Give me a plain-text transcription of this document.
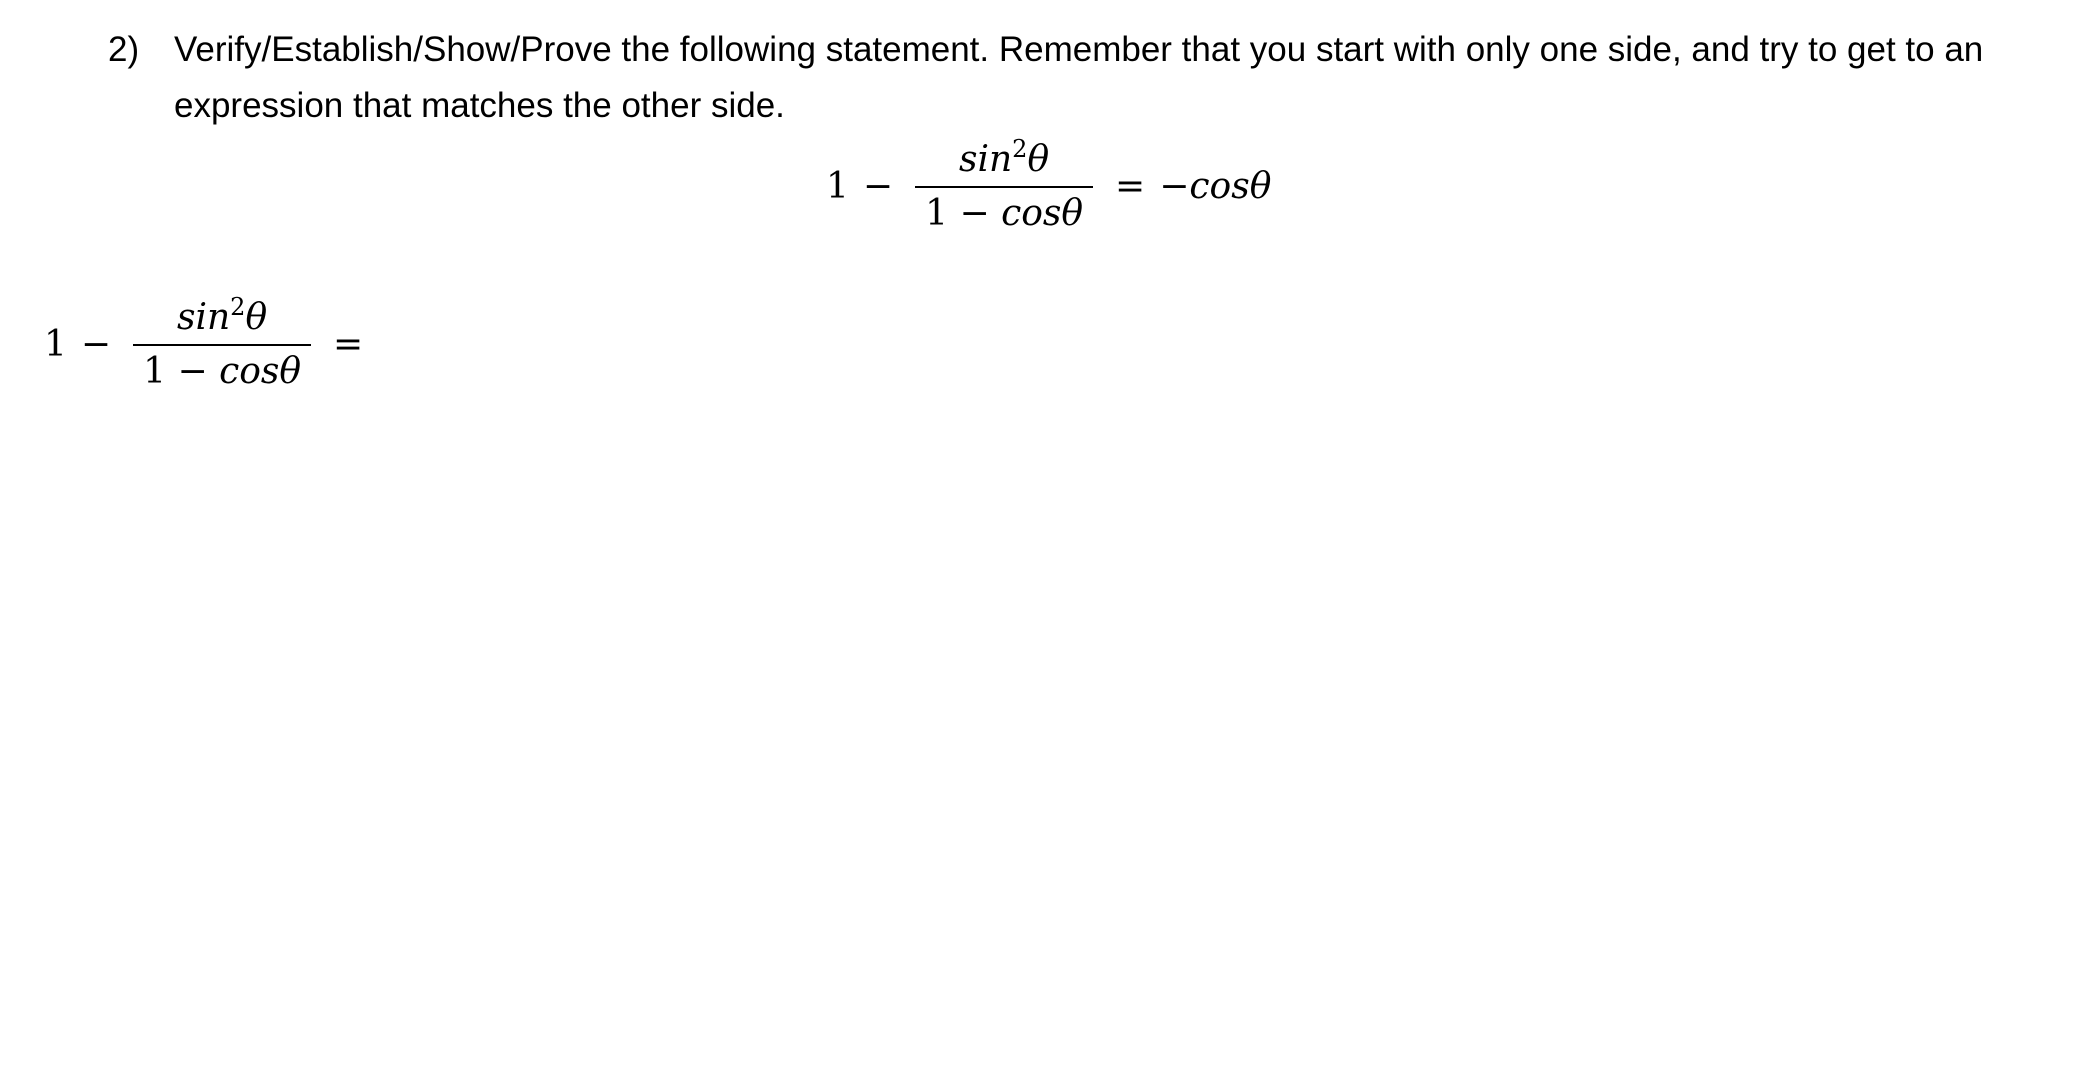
2) Verify/Establish/Show/Prove the following statement. Remember that you start with only one side, and try to get to an expression that matches the other side.
$1 - \frac{\sin^2\theta}{1 - \cos\theta} = -\cos\theta$
$1 - \frac{\sin^2\theta}{1 - \cos\theta}$ =
